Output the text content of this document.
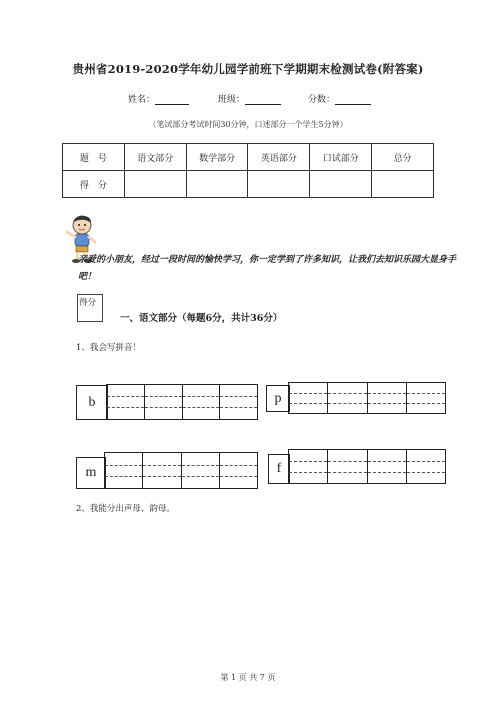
贵州省2019-2020学年幼儿园学前班下学期期末检测试卷(附答案)
姓名：	班级：	分数：
（笔试部分考试时间30分钟，口述部分一个学生5分钟）
题　号	语文部分	数学部分	英语部分	口试部分	总分
得　分					
亲爱的小朋友，经过一段时间的愉快学习，你一定学到了许多知识，让我们去知识乐园大显身手吧！
得分
一、语文部分（每题6分，共计36分）
1、我会写拼音！
b	p
m	f
2、我能分出声母、韵母。
第 1 页 共 7 页
